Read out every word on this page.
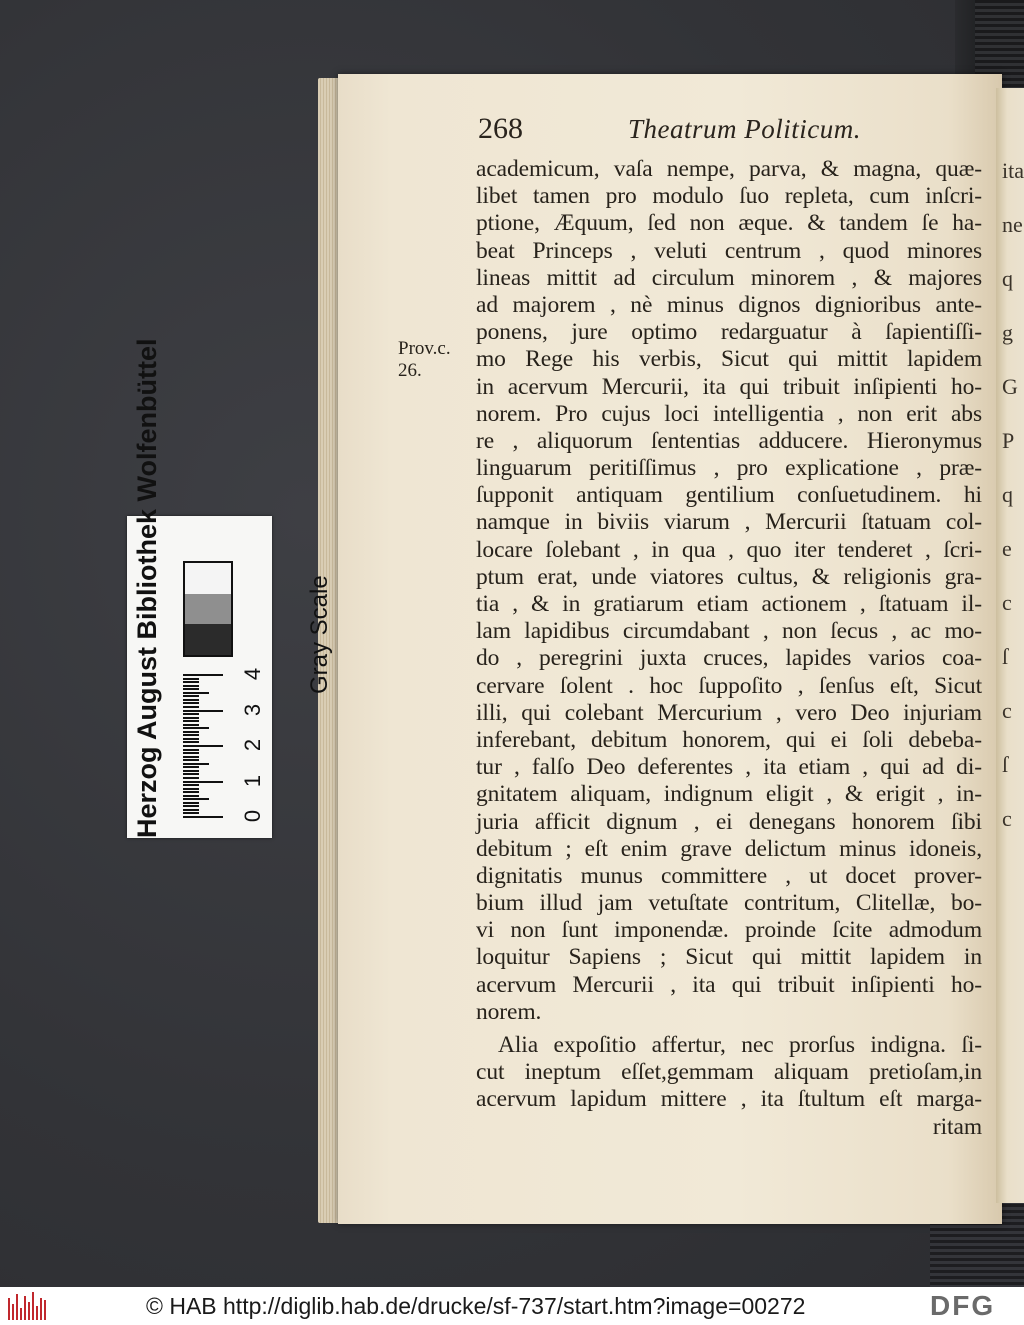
ita
ne
q
g
G
P
q
e
c
ſ
c
ſ
c
268	Theatrum Politicum.
Prov.c.
26.
academicum, vaſa nempe, parva, & magna, quæ-
libet tamen pro modulo ſuo repleta, cum inſcri-
ptione, Æquum, ſed non æque. & tandem ſe ha-
beat Princeps , veluti centrum , quod minores
lineas mittit ad circulum minorem , & majores
ad majorem , nè minus dignos dignioribus ante-
ponens, jure optimo redarguatur à ſapientiſſi-
mo Rege his verbis, Sicut qui mittit lapidem
in acervum Mercurii, ita qui tribuit inſipienti ho-
norem. Pro cujus loci intelligentia , non erit abs
re , aliquorum ſententias adducere. Hieronymus
linguarum peritiſſimus , pro explicatione , præ-
ſupponit antiquam gentilium conſuetudinem. hi
namque in biviis viarum , Mercurii ſtatuam col-
locare ſolebant , in qua , quo iter tenderet , ſcri-
ptum erat, unde viatores cultus, & religionis gra-
tia , & in gratiarum etiam actionem , ſtatuam il-
lam lapidibus circumdabant , non ſecus , ac mo-
do , peregrini juxta cruces, lapides varios coa-
cervare ſolent . hoc ſuppoſito , ſenſus eſt, Sicut
illi, qui colebant Mercurium , vero Deo injuriam
inferebant, debitum honorem, qui ei ſoli debeba-
tur , falſo Deo deferentes , ita etiam , qui ad di-
gnitatem aliquam, indignum eligit , & erigit , in-
juria afficit dignum , ei denegans honorem ſibi
debitum ; eſt enim grave delictum minus idoneis,
dignitatis munus committere , ut docet prover-
bium illud jam vetuſtate contritum, Clitellæ, bo-
vi non ſunt imponendæ. proinde ſcite admodum
loquitur Sapiens ; Sicut qui mittit lapidem in
acervum Mercurii , ita qui tribuit inſipienti ho-
norem.
Alia expoſitio affertur, nec prorſus indigna. ſi-
cut ineptum eſſet,gemmam aliquam pretioſam,in
acervum lapidum mittere , ita ſtultum eſt marga-
ritam
Herzog August Bibliothek Wolfenbüttel	Gray Scale
0
1
2
3
4
© HAB http://diglib.hab.de/drucke/sf-737/start.htm?image=00272	DFG
